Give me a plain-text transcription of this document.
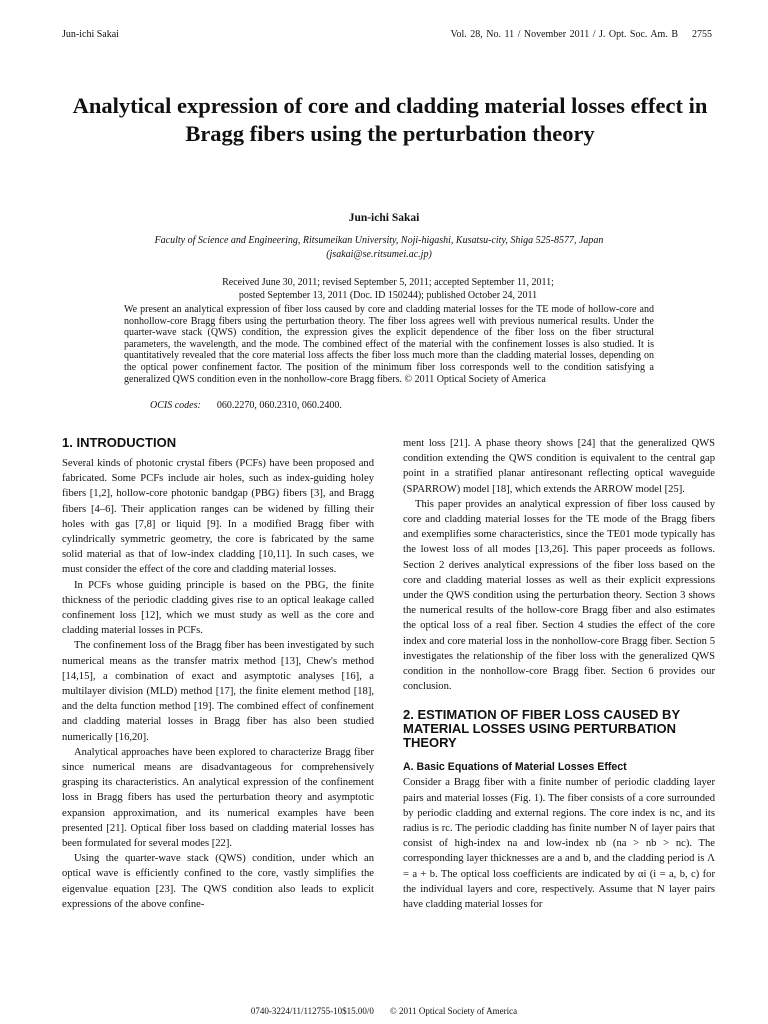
Jun-ichi Sakai	Vol. 28, No. 11 / November 2011 / J. Opt. Soc. Am. B 2755
Analytical expression of core and cladding material losses effect in Bragg fibers using the perturbation theory
Jun-ichi Sakai
Faculty of Science and Engineering, Ritsumeikan University, Noji-higashi, Kusatsu-city, Shiga 525-8577, Japan
(jsakai@se.ritsumei.ac.jp)
Received June 30, 2011; revised September 5, 2011; accepted September 11, 2011;
posted September 13, 2011 (Doc. ID 150244); published October 24, 2011
We present an analytical expression of fiber loss caused by core and cladding material losses for the TE mode of hollow-core and nonhollow-core Bragg fibers using the perturbation theory. The fiber loss agrees well with previous numerical results. Under the quarter-wave stack (QWS) condition, the expression gives the explicit dependence of the fiber loss on the fiber structural parameters, the wavelength, and the mode. The combined effect of the material with the confinement losses is also studied. It is quantitatively revealed that the core material loss affects the fiber loss much more than the cladding material losses, depending on the optical power confinement factor. The position of the minimum fiber loss corresponds well to the condition satisfying a generalized QWS condition even in the nonhollow-core Bragg fibers. © 2011 Optical Society of America
OCIS codes: 060.2270, 060.2310, 060.2400.
1. INTRODUCTION

Several kinds of photonic crystal fibers (PCFs) have been proposed and fabricated. Some PCFs include air holes, such as index-guiding holey fibers [1,2], hollow-core photonic bandgap (PBG) fibers [3], and Bragg fibers [4–6]. Their application ranges can be widened by filling their holes with gas [7,8] or liquid [9]. In a modified Bragg fiber with cylindrically symmetric geometry, the core is fabricated by the same solid material as that of low-index cladding [10,11]. In such cases, we must consider the effect of the core and cladding material losses.

In PCFs whose guiding principle is based on the PBG, the finite thickness of the periodic cladding gives rise to an optical leakage called confinement loss [12], which we must study as well as the core and cladding material losses in PCFs.

The confinement loss of the Bragg fiber has been investigated by such numerical means as the transfer matrix method [13], Chew's method [14,15], a combination of exact and asymptotic analyses [16], a multilayer division (MLD) method [17], the finite element method [18], and the delta function method [19]. The combined effect of confinement and cladding material losses in Bragg fiber has also been studied numerically [16,20].

Analytical approaches have been explored to characterize Bragg fiber since numerical means are disadvantageous for comprehensively grasping its characteristics. An analytical expression of the confinement loss in Bragg fibers has used the perturbation theory and asymptotic expansion approximation, and its numerical examples have been presented [21]. Optical fiber loss based on cladding material losses has been formulated for several modes [22].

Using the quarter-wave stack (QWS) condition, under which an optical wave is efficiently confined to the core, vastly simplifies the eigenvalue equation [23]. The QWS condition also leads to explicit expressions of the above confine-

ment loss [21]. A phase theory shows [24] that the generalized QWS condition extending the QWS condition is equivalent to the central gap point in a stratified planar antiresonant reflecting optical waveguide (SPARROW) model [18], which extends the ARROW model [25].

This paper provides an analytical expression of fiber loss caused by core and cladding material losses for the TE mode of the Bragg fibers and exemplifies some characteristics, since the TE01 mode typically has the lowest loss of all modes [13,26]. This paper proceeds as follows. Section 2 derives analytical expressions of the fiber loss based on the core and cladding material losses as well as their explicit expressions under the QWS condition using the perturbation theory. Section 3 shows the numerical results of the hollow-core Bragg fiber and also estimates the optical loss of a real fiber. Section 4 studies the effect of the core index and core material loss in the nonhollow-core Bragg fiber. Section 5 investigates the relationship of the fiber loss with the generalized QWS condition in the nonhollow-core Bragg fiber. Section 6 provides our conclusion.

2. ESTIMATION OF FIBER LOSS CAUSED BY MATERIAL LOSSES USING PERTURBATION THEORY
A. Basic Equations of Material Losses Effect

Consider a Bragg fiber with a finite number of periodic cladding layer pairs and material losses (Fig. 1). The fiber consists of a core surrounded by periodic cladding and external regions. The core index is nc, and its radius is rc. The periodic cladding has finite number N of layer pairs that consist of high-index na and low-index nb (na > nb > nc). The corresponding layer thicknesses are a and b, and the cladding period is Λ = a + b. The optical loss coefficients are indicated by αi (i = a, b, c) for the individual layers and core, respectively. Assume that N layer pairs have cladding material losses for

0740-3224/11/112755-10$15.00/0 © 2011 Optical Society of America
